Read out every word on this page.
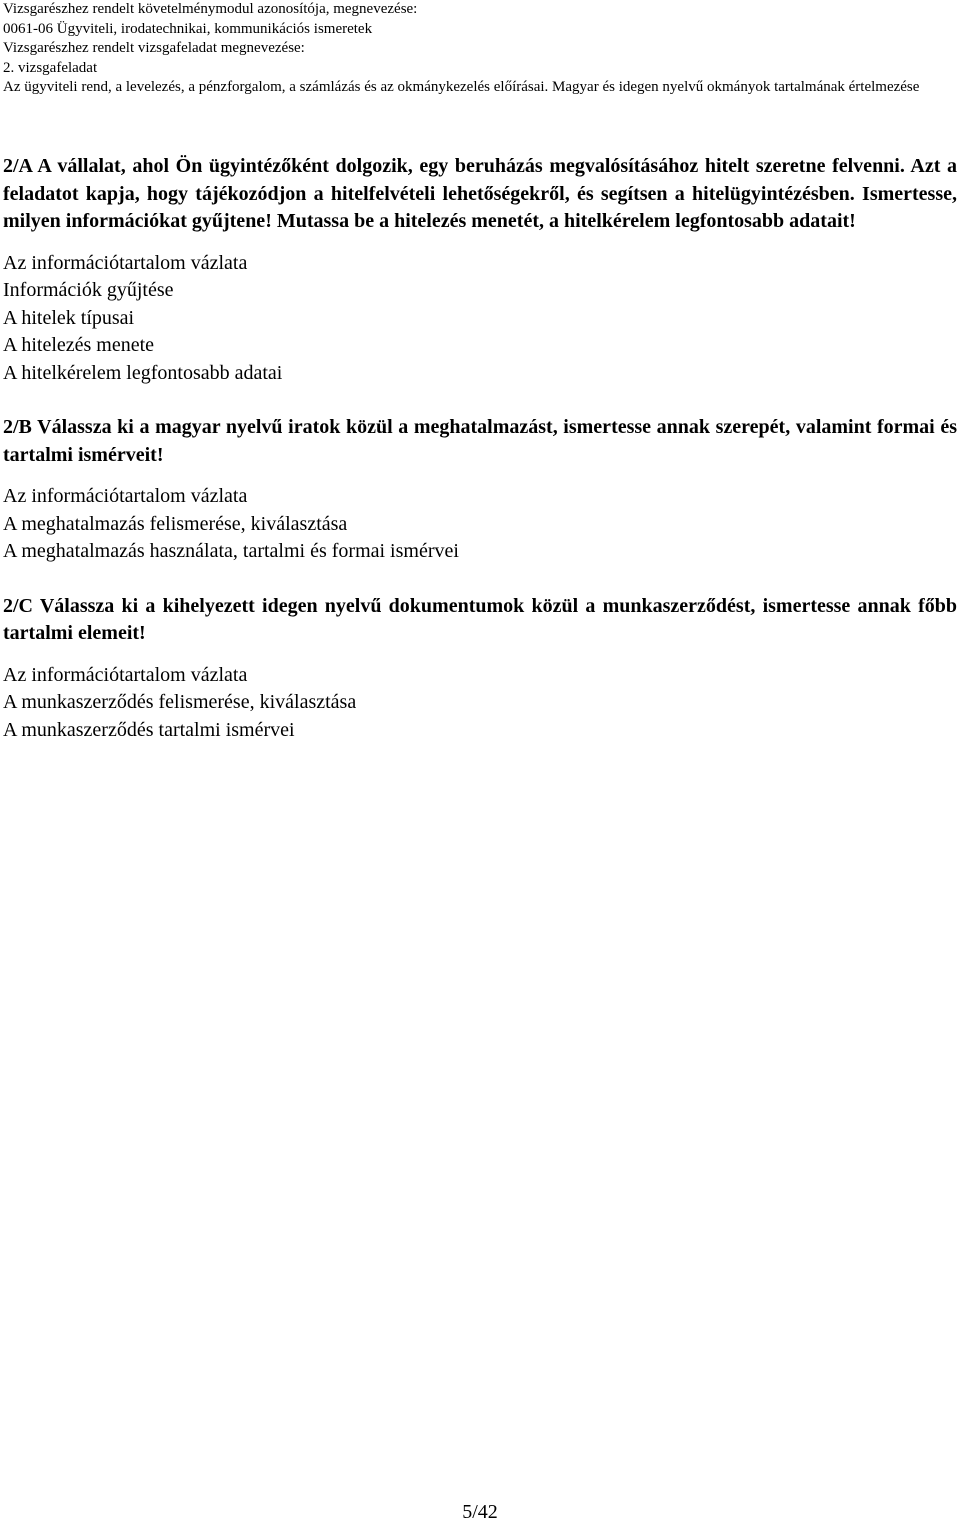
Vizsgarészhez rendelt követelménymodul azonosítója, megnevezése:
0061-06 Ügyviteli, irodatechnikai, kommunikációs ismeretek
Vizsgarészhez rendelt vizsgafeladat megnevezése:
2. vizsgafeladat
Az ügyviteli rend, a levelezés, a pénzforgalom, a számlázás és az okmánykezelés előírásai. Magyar és idegen nyelvű okmányok tartalmának értelmezése

2/A A vállalat, ahol Ön ügyintézőként dolgozik, egy beruházás megvalósításához hitelt szeretne felvenni. Azt a feladatot kapja, hogy tájékozódjon a hitelfelvételi lehetőségekről, és segítsen a hitelügyintézésben. Ismertesse, milyen információkat gyűjtene! Mutassa be a hitelezés menetét, a hitelkérelem legfontosabb adatait!

Az információtartalom vázlata
Információk gyűjtése
A hitelek típusai
A hitelezés menete
A hitelkérelem legfontosabb adatai

2/B Válassza ki a magyar nyelvű iratok közül a meghatalmazást, ismertesse annak szerepét, valamint formai és tartalmi ismérveit!

Az információtartalom vázlata
A meghatalmazás felismerése, kiválasztása
A meghatalmazás használata, tartalmi és formai ismérvei

2/C Válassza ki a kihelyezett idegen nyelvű dokumentumok közül a munkaszerződést, ismertesse annak főbb tartalmi elemeit!

Az információtartalom vázlata
A munkaszerződés felismerése, kiválasztása
A munkaszerződés tartalmi ismérvei
5/42
